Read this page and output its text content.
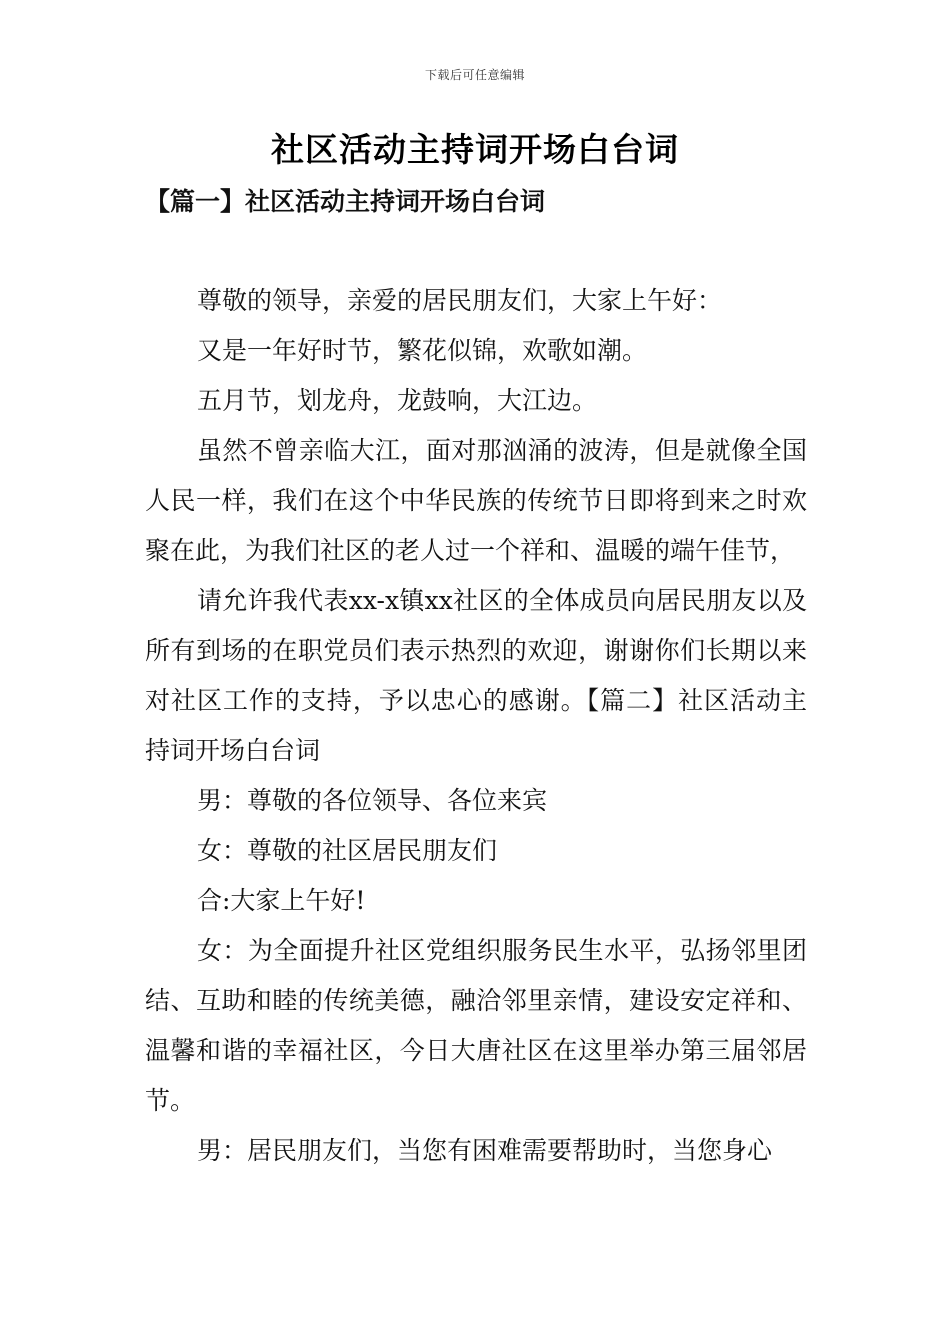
下载后可任意编辑
社区活动主持词开场白台词
【篇一】社区活动主持词开场白台词

尊敬的领导，亲爱的居民朋友们，大家上午好：

又是一年好时节，繁花似锦，欢歌如潮。

五月节，划龙舟，龙鼓响，大江边。

虽然不曾亲临大江，面对那汹涌的波涛，但是就像全国人民一样，我们在这个中华民族的传统节日即将到来之时欢聚在此，为我们社区的老人过一个祥和、温暖的端午佳节，

请允许我代表xx-x镇xx社区的全体成员向居民朋友以及所有到场的在职党员们表示热烈的欢迎，谢谢你们长期以来对社区工作的支持，予以忠心的感谢。【篇二】社区活动主持词开场白台词

男：尊敬的各位领导、各位来宾

女：尊敬的社区居民朋友们

合:大家上午好!

女：为全面提升社区党组织服务民生水平，弘扬邻里团结、互助和睦的传统美德，融洽邻里亲情，建设安定祥和、温馨和谐的幸福社区，今日大唐社区在这里举办第三届邻居节。

男：居民朋友们，当您有困难需要帮助时，当您身心
